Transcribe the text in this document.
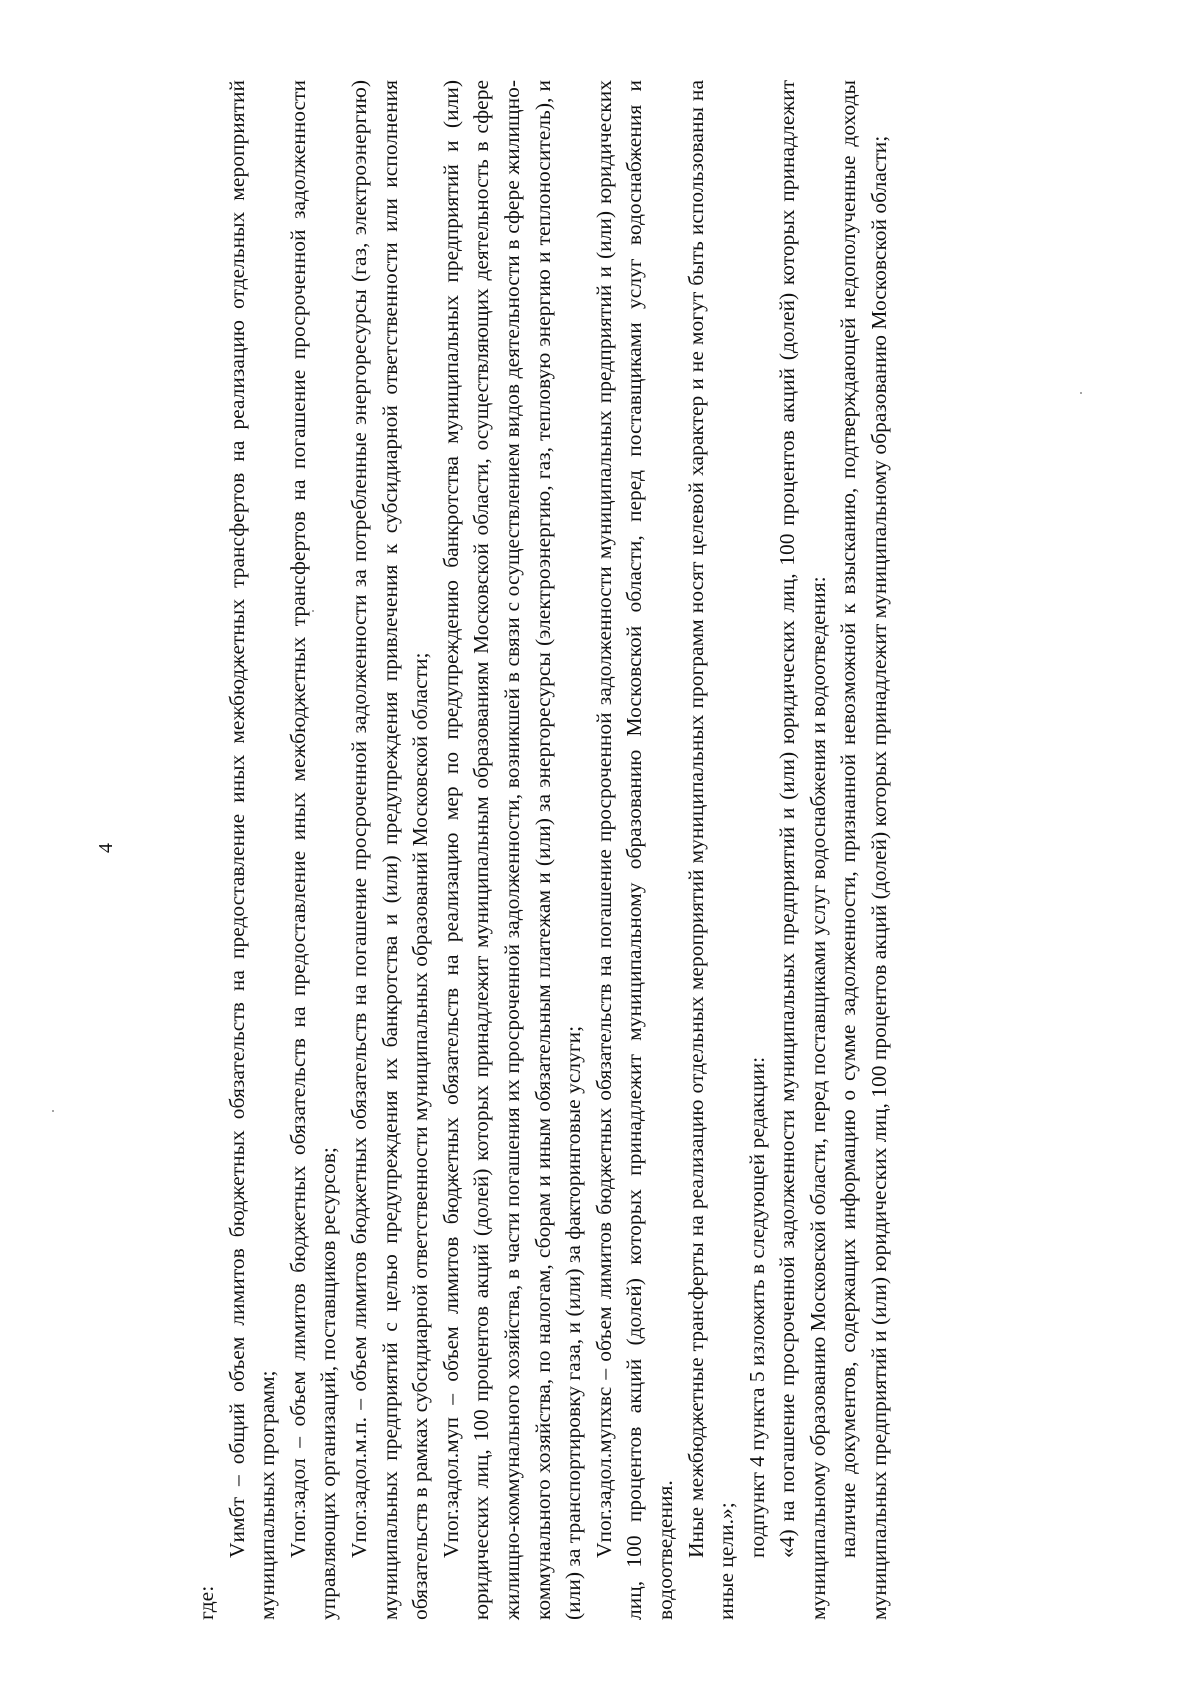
4

где:

Vимбт – общий объем лимитов бюджетных обязательств на предоставление иных межбюджетных трансфертов на реализацию отдельных мероприятий муниципальных программ; Vпог.задол – объем лимитов бюджетных обязательств на предоставление иных межбюджетных трансфертов на погашение просроченной задолженности управляющих организаций, поставщиков ресурсов; Vпог.задол.м.п. – объем лимитов бюджетных обязательств на погашение просроченной задолженности за потребленные энергоресурсы (газ, электроэнергию) муниципальных предприятий с целью предупреждения их банкротства и (или) предупреждения привлечения к субсидиарной ответственности или исполнения обязательств в рамках субсидиарной ответственности муниципальных образований Московской области; Vпог.задол.муп – объем лимитов бюджетных обязательств на реализацию мер по предупреждению банкротства муниципальных предприятий и (или) юридических лиц, 100 процентов акций (долей) которых принадлежит муниципальным образованиям Московской области, осуществляющих деятельность в сфере жилищно-коммунального хозяйства, в части погашения их просроченной задолженности, возникшей в связи с осуществлением видов деятельности в сфере жилищно-коммунального хозяйства, по налогам, сборам и иным обязательным платежам и (или) за энергоресурсы (электроэнергию, газ, тепловую энергию и теплоноситель), и (или) за транспортировку газа, и (или) за факторинговые услуги; Vпог.задол.мупхвс – объем лимитов бюджетных обязательств на погашение просроченной задолженности муниципальных предприятий и (или) юридических лиц, 100 процентов акций (долей) которых принадлежит муниципальному образованию Московской области, перед поставщиками услуг водоснабжения и водоотведения. Иные межбюджетные трансферты на реализацию отдельных мероприятий муниципальных программ носят целевой характер и не могут быть использованы на иные цели.»;

подпункт 4 пункта 5 изложить в следующей редакции: «4) на погашение просроченной задолженности муниципальных предприятий и (или) юридических лиц, 100 процентов акций (долей) которых принадлежит муниципальному образованию Московской области, перед поставщиками услуг водоснабжения и водоотведения: наличие документов, содержащих информацию о сумме задолженности, признанной невозможной к взысканию, подтверждающей недополученные доходы муниципальных предприятий и (или) юридических лиц, 100 процентов акций (долей) которых принадлежит муниципальному образованию Московской области;
